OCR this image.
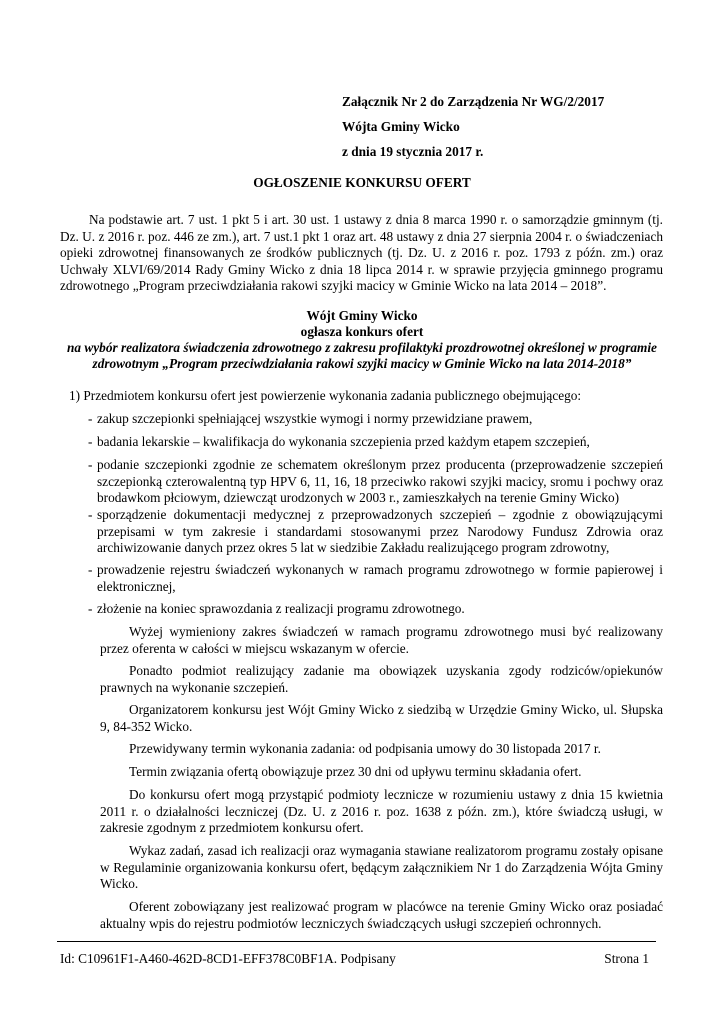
Załącznik Nr 2 do Zarządzenia Nr WG/2/2017
Wójta Gminy Wicko
z dnia 19 stycznia 2017 r.
OGŁOSZENIE KONKURSU OFERT
Na podstawie art. 7 ust. 1 pkt 5 i art. 30 ust. 1 ustawy z dnia 8 marca 1990 r. o samorządzie gminnym (tj. Dz. U. z 2016 r. poz. 446 ze zm.), art. 7 ust.1 pkt 1 oraz art. 48 ustawy z dnia 27 sierpnia 2004 r. o świadczeniach opieki zdrowotnej finansowanych ze środków publicznych (tj. Dz. U. z 2016 r. poz. 1793 z późn. zm.) oraz Uchwały XLVI/69/2014 Rady Gminy Wicko z dnia 18 lipca 2014 r. w sprawie przyjęcia gminnego programu zdrowotnego „Program przeciwdziałania rakowi szyjki macicy w Gminie Wicko na lata 2014 – 2018”.
Wójt Gminy Wicko
ogłasza konkurs ofert
na wybór realizatora świadczenia zdrowotnego z zakresu profilaktyki prozdrowotnej określonej w programie
zdrowotnym „Program przeciwdziałania rakowi szyjki macicy w Gminie Wicko na lata 2014-2018”
1) Przedmiotem konkursu ofert jest powierzenie wykonania zadania publicznego obejmującego:
- zakup szczepionki spełniającej wszystkie wymogi i normy przewidziane prawem,
- badania lekarskie – kwalifikacja do wykonania szczepienia przed każdym etapem szczepień,
- podanie szczepionki zgodnie ze schematem określonym przez producenta (przeprowadzenie szczepień szczepionką czterowalentną typ HPV 6, 11, 16, 18 przeciwko rakowi szyjki macicy, sromu i pochwy oraz brodawkom płciowym, dziewcząt urodzonych w 2003 r., zamieszkałych na terenie Gminy Wicko)
- sporządzenie dokumentacji medycznej z przeprowadzonych szczepień – zgodnie z obowiązującymi przepisami w tym zakresie i standardami stosowanymi przez Narodowy Fundusz Zdrowia oraz archiwizowanie danych przez okres 5 lat w siedzibie Zakładu realizującego program zdrowotny,
- prowadzenie rejestru świadczeń wykonanych w ramach programu zdrowotnego w formie papierowej i elektronicznej,
- złożenie na koniec sprawozdania z realizacji programu zdrowotnego.
Wyżej wymieniony zakres świadczeń w ramach programu zdrowotnego musi być realizowany przez oferenta w całości w miejscu wskazanym w ofercie.
Ponadto podmiot realizujący zadanie ma obowiązek uzyskania zgody rodziców/opiekunów prawnych na wykonanie szczepień.
Organizatorem konkursu jest Wójt Gminy Wicko z siedzibą w Urzędzie Gminy Wicko, ul. Słupska 9, 84-352 Wicko.
Przewidywany termin wykonania zadania: od podpisania umowy do 30 listopada 2017 r.
Termin związania ofertą obowiązuje przez 30 dni od upływu terminu składania ofert.
Do konkursu ofert mogą przystąpić podmioty lecznicze w rozumieniu ustawy z dnia 15 kwietnia 2011 r. o działalności leczniczej (Dz. U. z 2016 r. poz. 1638 z późn. zm.), które świadczą usługi, w zakresie zgodnym z przedmiotem konkursu ofert.
Wykaz zadań, zasad ich realizacji oraz wymagania stawiane realizatorom programu zostały opisane w Regulaminie organizowania konkursu ofert, będącym załącznikiem Nr 1 do Zarządzenia Wójta Gminy Wicko.
Oferent zobowiązany jest realizować program w placówce na terenie Gminy Wicko oraz posiadać aktualny wpis do rejestru podmiotów leczniczych świadczących usługi szczepień ochronnych.
Id: C10961F1-A460-462D-8CD1-EFF378C0BF1A. Podpisany	Strona 1
